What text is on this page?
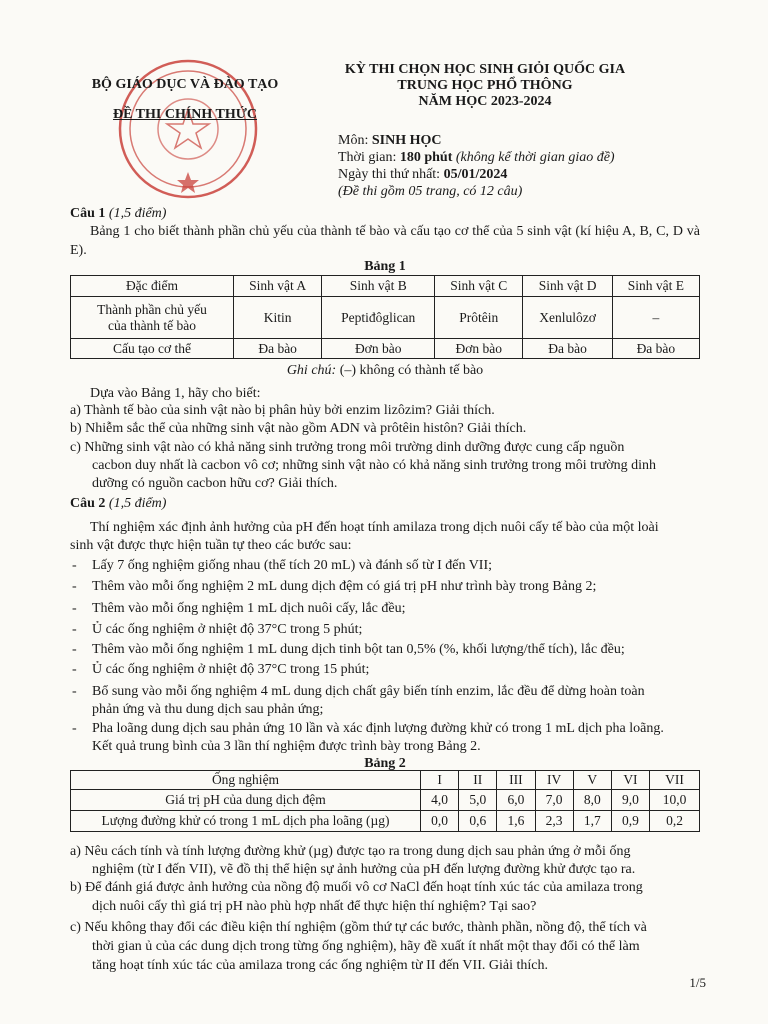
BỘ GIÁO DỤC VÀ ĐÀO TẠO
ĐỀ THI CHÍNH THỨC
KỲ THI CHỌN HỌC SINH GIỎI QUỐC GIA
TRUNG HỌC PHỔ THÔNG
NĂM HỌC 2023-2024
Môn: SINH HỌC
Thời gian: 180 phút (không kể thời gian giao đề)
Ngày thi thứ nhất: 05/01/2024
(Đề thi gồm 05 trang, có 12 câu)
Câu 1 (1,5 điểm)
Bảng 1 cho biết thành phần chủ yếu của thành tế bào và cấu tạo cơ thể của 5 sinh vật (kí hiệu A, B, C, D và E).
Bảng 1
Đặc điểm	Sinh vật A	Sinh vật B	Sinh vật C	Sinh vật D	Sinh vật E

Thành phần chủ yếu
của thành tế bào	Kitin	Peptiđôglican	Prôtêin	Xenlulôzơ	–
Cấu tạo cơ thể	Đa bào	Đơn bào	Đơn bào	Đa bào	Đa bào
Ghi chú: (–) không có thành tế bào
Dựa vào Bảng 1, hãy cho biết:
a) Thành tế bào của sinh vật nào bị phân hủy bởi enzim lizôzim? Giải thích.
b) Nhiễm sắc thể của những sinh vật nào gồm ADN và prôtêin histôn? Giải thích.
c) Những sinh vật nào có khả năng sinh trưởng trong môi trường dinh dưỡng được cung cấp nguồn
cacbon duy nhất là cacbon vô cơ; những sinh vật nào có khả năng sinh trưởng trong môi trường dinh
dưỡng có nguồn cacbon hữu cơ? Giải thích.
Câu 2 (1,5 điểm)
Thí nghiệm xác định ảnh hưởng của pH đến hoạt tính amilaza trong dịch nuôi cấy tế bào của một loài
sinh vật được thực hiện tuần tự theo các bước sau:
- Lấy 7 ống nghiệm giống nhau (thể tích 20 mL) và đánh số từ I đến VII;
- Thêm vào mỗi ống nghiệm 2 mL dung dịch đệm có giá trị pH như trình bày trong Bảng 2;
- Thêm vào mỗi ống nghiệm 1 mL dịch nuôi cấy, lắc đều;
- Ủ các ống nghiệm ở nhiệt độ 37°C trong 5 phút;
- Thêm vào mỗi ống nghiệm 1 mL dung dịch tinh bột tan 0,5% (%, khối lượng/thể tích), lắc đều;
- Ủ các ống nghiệm ở nhiệt độ 37°C trong 15 phút;
- Bổ sung vào mỗi ống nghiệm 4 mL dung dịch chất gây biến tính enzim, lắc đều để dừng hoàn toàn
phản ứng và thu dung dịch sau phản ứng;
- Pha loãng dung dịch sau phản ứng 10 lần và xác định lượng đường khử có trong 1 mL dịch pha loãng.
Kết quả trung bình của 3 lần thí nghiệm được trình bày trong Bảng 2.
Bảng 2
Ống nghiệm	I	II	III	IV	V	VI	VII
Giá trị pH của dung dịch đệm	4,0	5,0	6,0	7,0	8,0	9,0	10,0
Lượng đường khử có trong 1 mL dịch pha loãng (µg)	0,0	0,6	1,6	2,3	1,7	0,9	0,2
a) Nêu cách tính và tính lượng đường khử (µg) được tạo ra trong dung dịch sau phản ứng ở mỗi ống
nghiệm (từ I đến VII), vẽ đồ thị thể hiện sự ảnh hưởng của pH đến lượng đường khử được tạo ra.
b) Để đánh giá được ảnh hưởng của nồng độ muối vô cơ NaCl đến hoạt tính xúc tác của amilaza trong
dịch nuôi cấy thì giá trị pH nào phù hợp nhất để thực hiện thí nghiệm? Tại sao?
c) Nếu không thay đổi các điều kiện thí nghiệm (gồm thứ tự các bước, thành phần, nồng độ, thể tích và
thời gian ủ của các dung dịch trong từng ống nghiệm), hãy đề xuất ít nhất một thay đổi có thể làm
tăng hoạt tính xúc tác của amilaza trong các ống nghiệm từ II đến VII. Giải thích.
1/5
